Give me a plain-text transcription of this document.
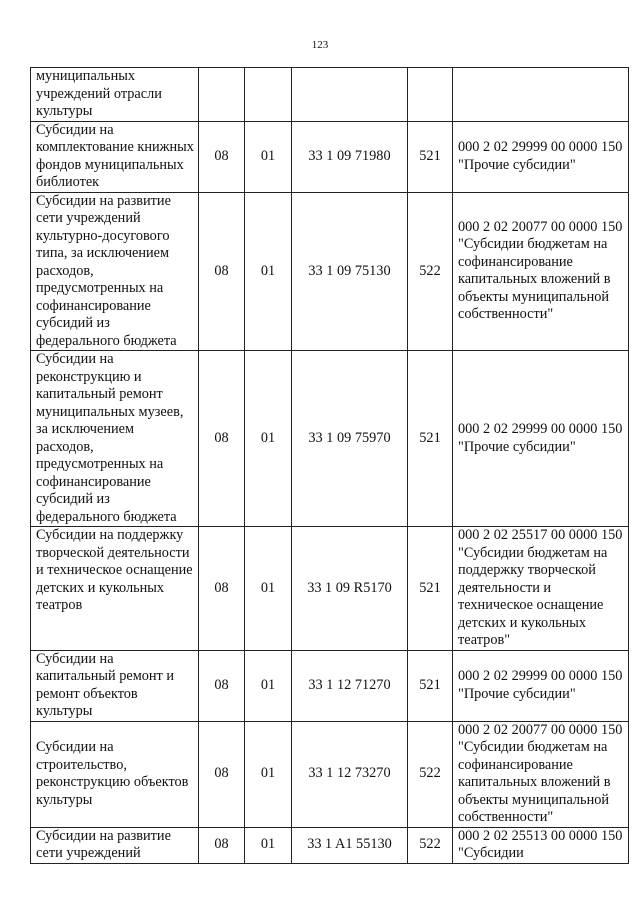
123
муниципальных учреждений отрасли культуры					
Субсидии на комплектование книжных фондов муниципальных библиотек	08	01	33 1 09 71980	521	000 2 02 29999 00 0000 150 "Прочие субсидии"
Субсидии на развитие сети учреждений культурно-досугового типа, за исключением расходов, предусмотренных на софинансирование субсидий из федерального бюджета	08	01	33 1 09 75130	522	000 2 02 20077 00 0000 150 "Субсидии бюджетам на софинансирование капитальных вложений в объекты муниципальной собственности"
Субсидии на реконструкцию и капитальный ремонт муниципальных музеев, за исключением расходов, предусмотренных на софинансирование субсидий из федерального бюджета	08	01	33 1 09 75970	521	000 2 02 29999 00 0000 150 "Прочие субсидии"
Субсидии на поддержку творческой деятельности и техническое оснащение детских и кукольных театров	08	01	33 1 09 R5170	521	000 2 02 25517 00 0000 150 "Субсидии бюджетам на поддержку творческой деятельности и техническое оснащение детских и кукольных театров"
Субсидии на капитальный ремонт и ремонт объектов культуры	08	01	33 1 12 71270	521	000 2 02 29999 00 0000 150 "Прочие субсидии"
Субсидии на строительство, реконструкцию объектов культуры	08	01	33 1 12 73270	522	000 2 02 20077 00 0000 150 "Субсидии бюджетам на софинансирование капитальных вложений в объекты муниципальной собственности"
Субсидии на развитие сети учреждений	08	01	33 1 A1 55130	522	000 2 02 25513 00 0000 150 "Субсидии
